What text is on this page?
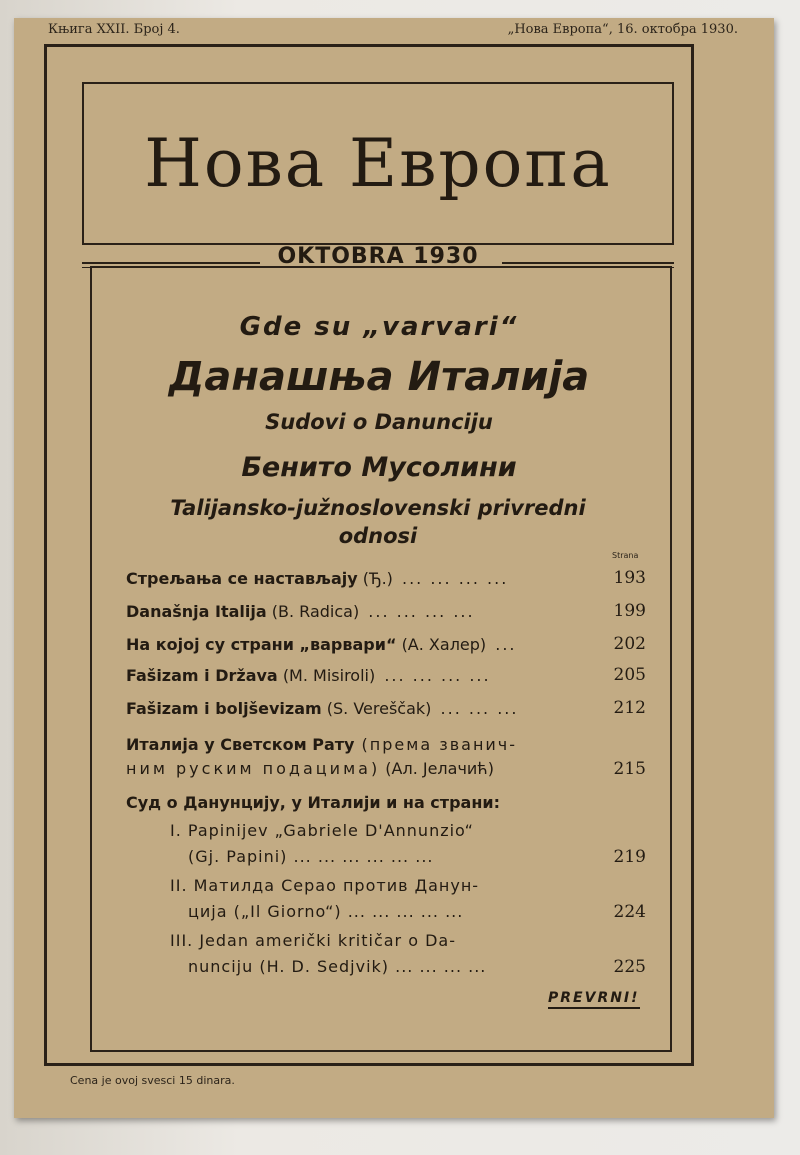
Књига XXII. Број 4.	„Нова Европа“, 16. октобра 1930.
Нова Европа
OKTOBRA 1930
Gde su „varvari“
Данашња Италија
Sudovi o Danunciju
Бенито Мусолини
Talijansko-južnoslovenski privredni odnosi
Strana
Стрељања се настављају (Ђ.) ... ... ... ...	193
Današnja Italija (B. Radica) ... ... ... ...	199
На којој су страни „варвари“ (А. Халер) ...	202
Fašizam i Država (M. Misiroli) ... ... ... ...	205
Fašizam i boljševizam (S. Vereščak) ... ... ...	212
Италија у Светском Рату (према званич-
ним руским подацима) (Ал. Јелачић)	215
Суд о Данунцију, у Италији и на страни:
I. Papinijev „Gabriele D'Annunzio“
(Gj. Papini) ... ... ... ... ... ...	219
II. Матилда Серао против Данун-
ција („Il Giorno“) ... ... ... ... ...	224
III. Jedan američki kritičar o Da-
nunciju (H. D. Sedjvik) ... ... ... ...	225
PREVRNI!
Cena je ovoj svesci 15 dinara.
